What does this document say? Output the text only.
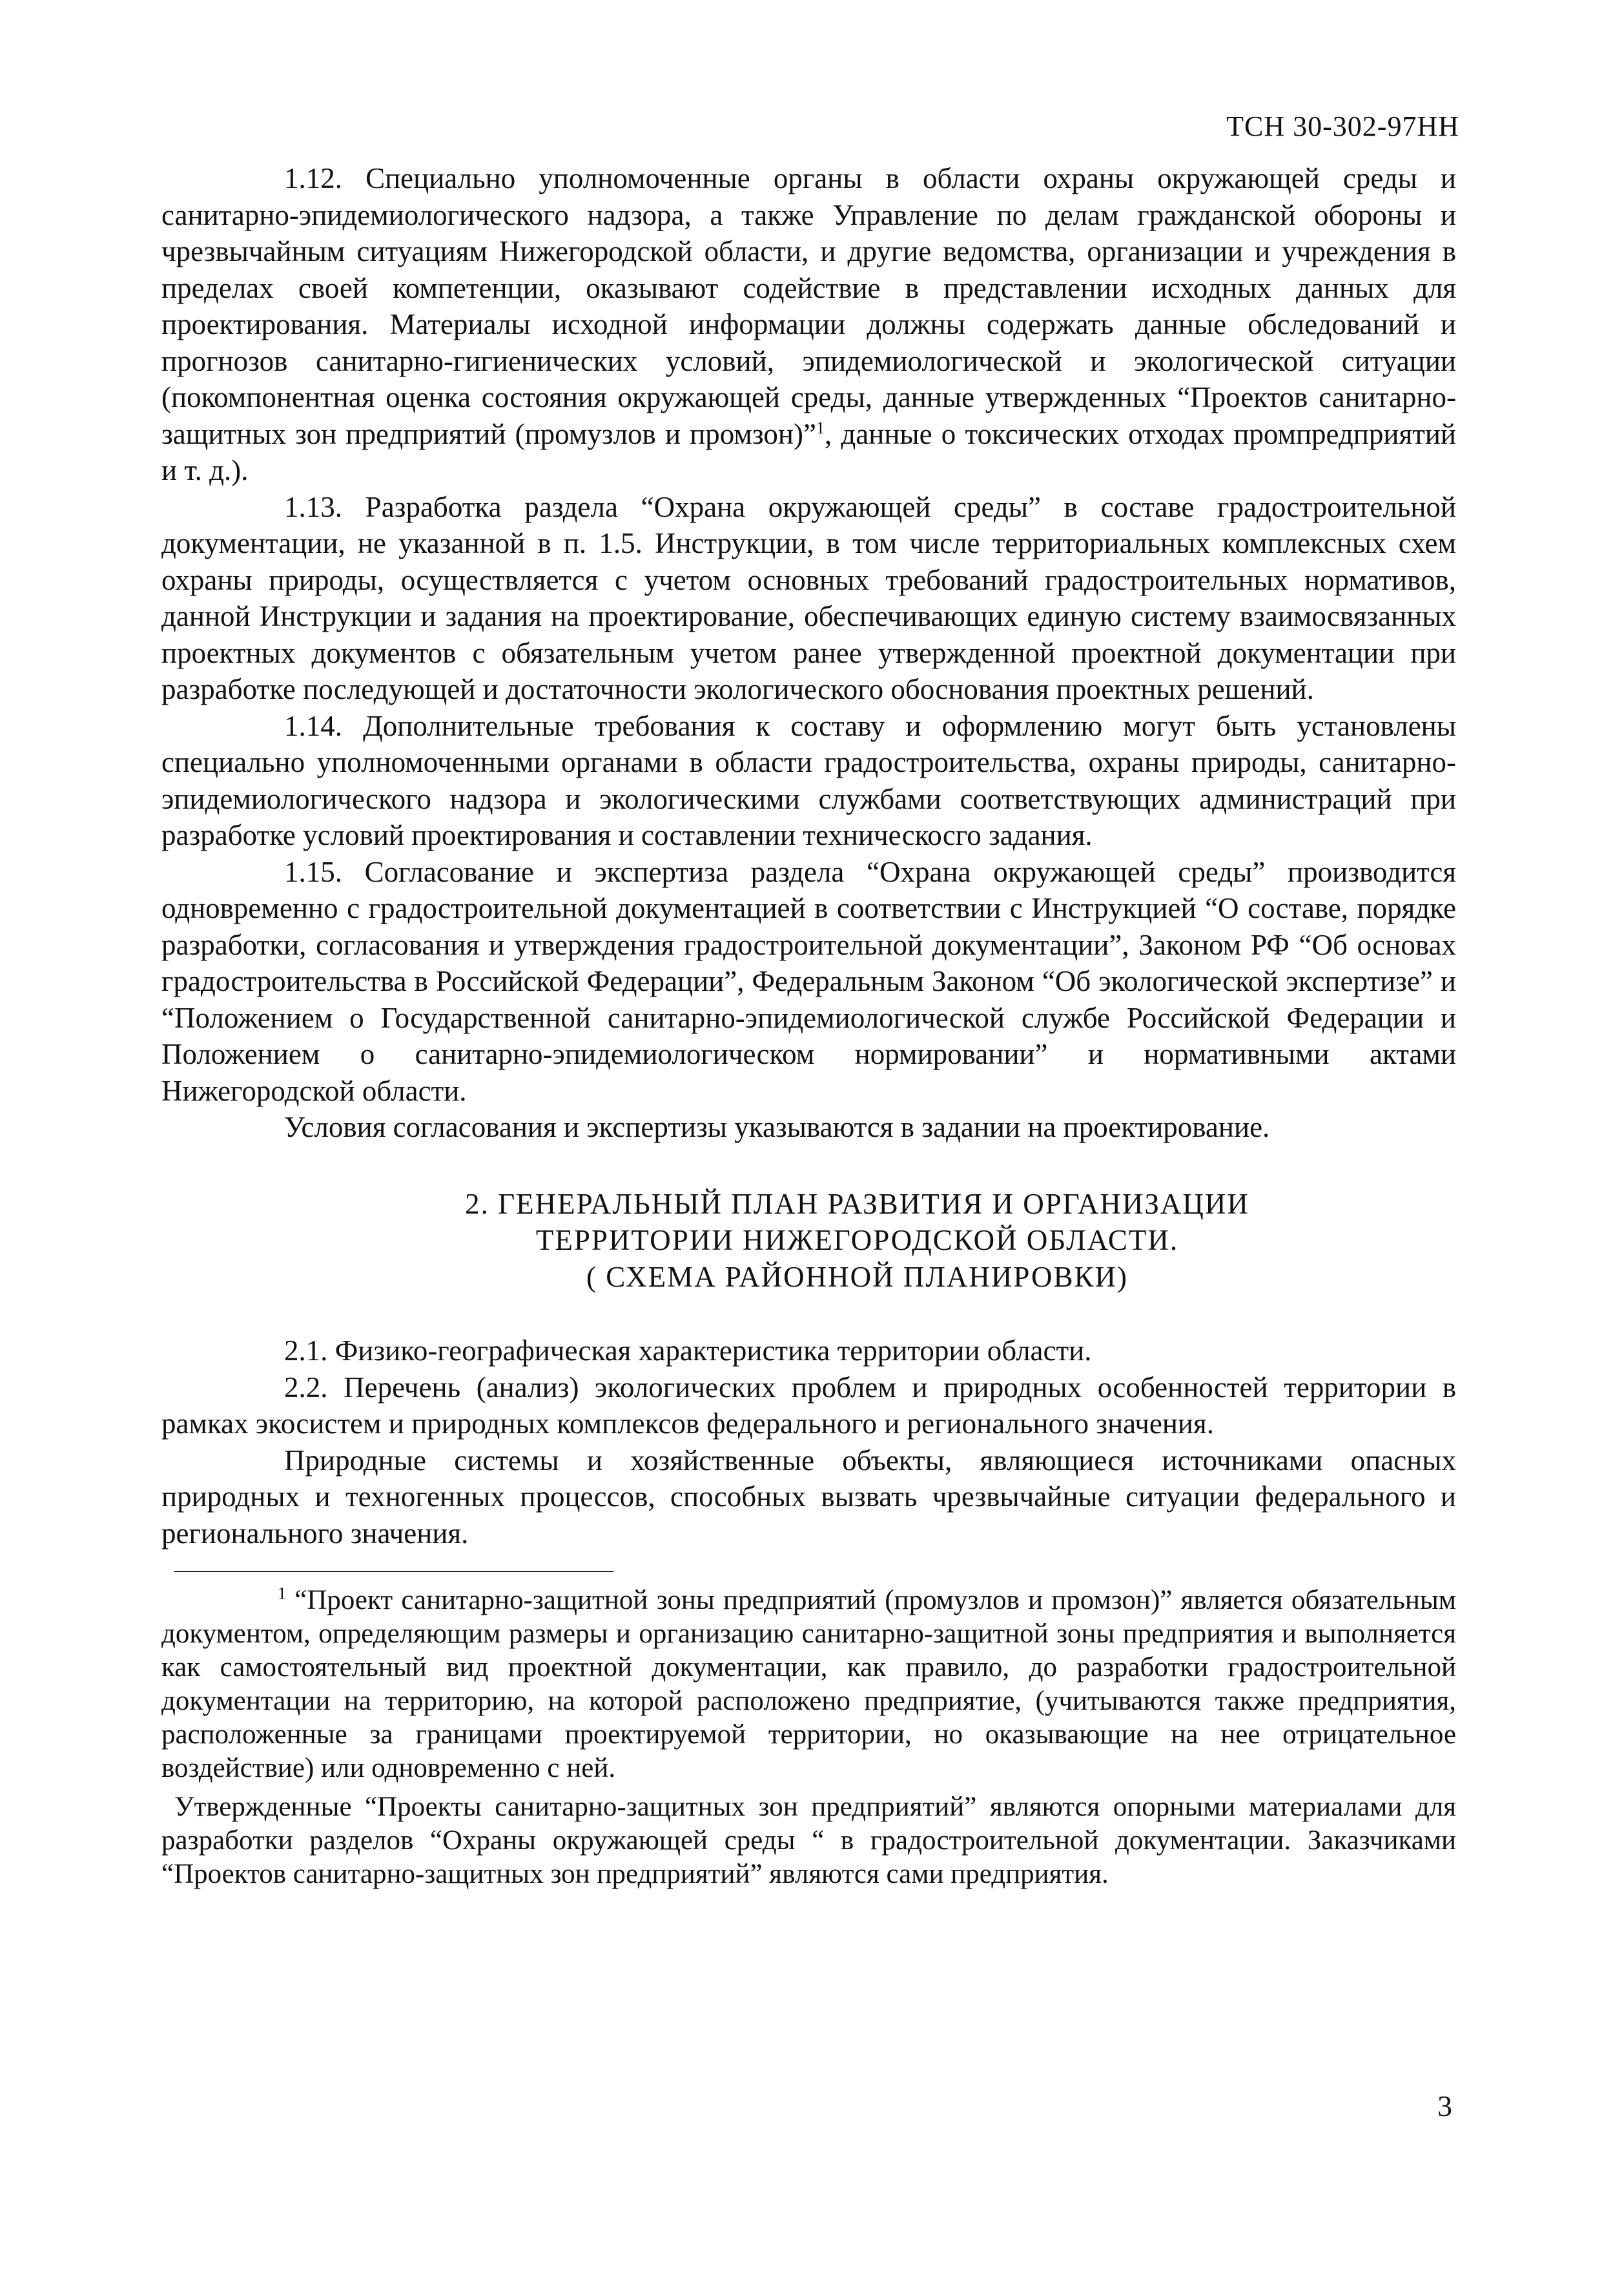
ТСН 30-302-97НН

1.12. Специально уполномоченные органы в области охраны окружающей среды и санитарно-эпидемиологического надзора, а также Управление по делам гражданской обороны и чрезвычайным ситуациям Нижегородской области, и другие ведомства, организации и учреждения в пределах своей компетенции, оказывают содействие в представлении исходных данных для проектирования. Материалы исходной информации должны содержать данные обследований и прогнозов санитарно-гигиенических условий, эпидемиологической и экологической ситуации (покомпонентная оценка состояния окружающей среды, данные утвержденных “Проектов санитарно-защитных зон предприятий (промузлов и промзон)”$^1$, данные о токсических отходах промпредприятий и т. д.).

1.13. Разработка раздела “Охрана окружающей среды” в составе градостроительной документации, не указанной в п. 1.5. Инструкции, в том числе территориальных комплексных схем охраны природы, осуществляется с учетом основных требований градостроительных нормативов, данной Инструкции и задания на проектирование, обеспечивающих единую систему взаимосвязанных проектных документов с обязательным учетом ранее утвержденной проектной документации при разработке последующей и достаточности экологического обоснования проектных решений.

1.14. Дополнительные требования к составу и оформлению могут быть установлены специально уполномоченными органами в области градостроительства, охраны природы, санитарно-эпидемиологического надзора и экологическими службами соответствующих администраций при разработке условий проектирования и составлении техническосго задания.

1.15. Согласование и экспертиза раздела “Охрана окружающей среды” производится одновременно с градостроительной документацией в соответствии с Инструкцией “О составе, порядке разработки, согласования и утверждения градостроительной документации”, Законом РФ “Об основах градостроительства в Российской Федерации”, Федеральным Законом “Об экологической экспертизе” и “Положением о Государственной санитарно-эпидемиологической службе Российской Федерации и Положением о санитарно-эпидемиологическом нормировании” и нормативными актами Нижегородской области.

Условия согласования и экспертизы указываются в задании на проектирование.

2. ГЕНЕРАЛЬНЫЙ ПЛАН РАЗВИТИЯ И ОРГАНИЗАЦИИ
ТЕРРИТОРИИ НИЖЕГОРОДСКОЙ ОБЛАСТИ.
( СХЕМА РАЙОННОЙ ПЛАНИРОВКИ)

2.1. Физико-географическая характеристика территории области.

2.2. Перечень (анализ) экологических проблем и природных особенностей территории в рамках экосистем и природных комплексов федерального и регионального значения.

Природные системы и хозяйственные объекты, являющиеся источниками опасных природных и техногенных процессов, способных вызвать чрезвычайные ситуации федерального и регионального значения.

$^1$ “Проект санитарно-защитной зоны предприятий (промузлов и промзон)” является обязательным документом, определяющим размеры и организацию санитарно-защитной зоны предприятия и выполняется как самостоятельный вид проектной документации, как правило, до разработки градостроительной документации на территорию, на которой расположено предприятие, (учитываются также предприятия, расположенные за границами проектируемой территории, но оказывающие на нее отрицательное воздействие) или одновременно с ней.

Утвержденные “Проекты санитарно-защитных зон предприятий” являются опорными материалами для разработки разделов “Охраны окружающей среды “ в градостроительной документации. Заказчиками “Проектов санитарно-защитных зон предприятий” являются сами предприятия.

3
